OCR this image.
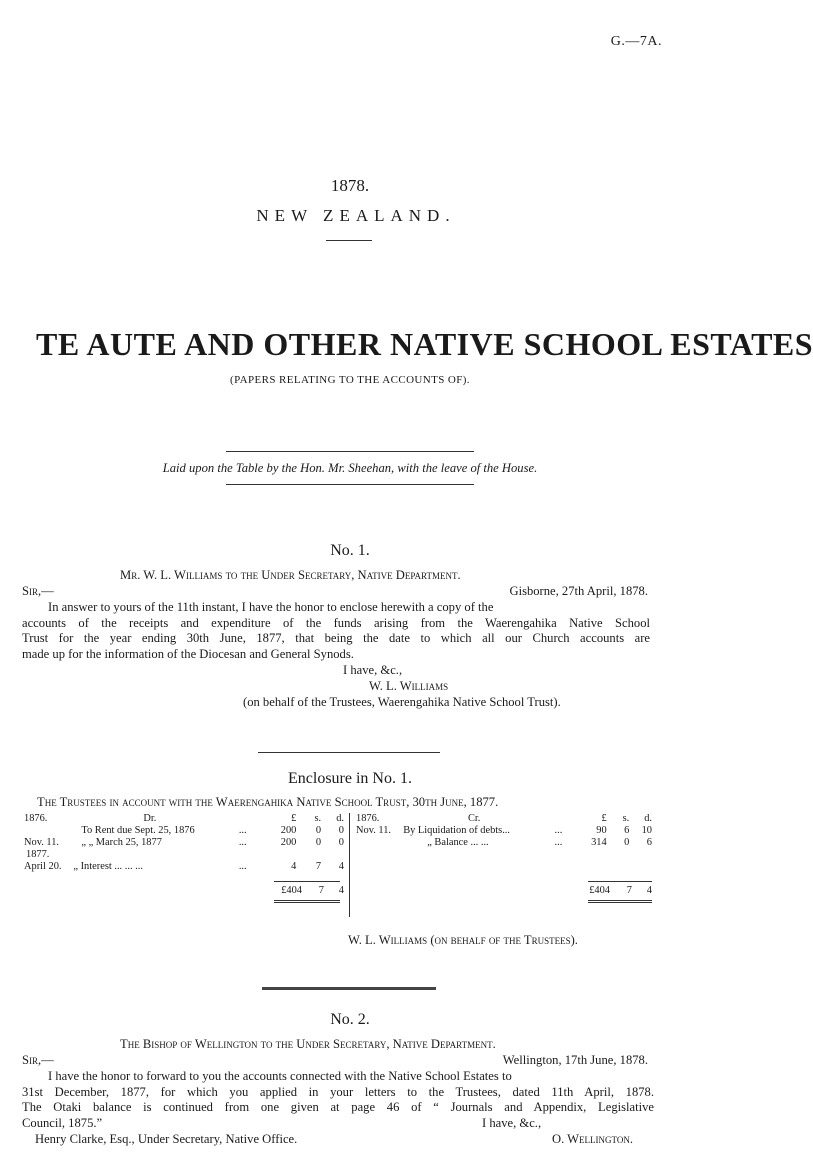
G.—7A.
1878.
NEW ZEALAND.
TE AUTE AND OTHER NATIVE SCHOOL ESTATES
(PAPERS RELATING TO THE ACCOUNTS OF).
Laid upon the Table by the Hon. Mr. Sheehan, with the leave of the House.
No. 1.
Mr. W. L. Williams to the Under Secretary, Native Department.
Sir,—	Gisborne, 27th April, 1878.
In answer to yours of the 11th instant, I have the honor to enclose herewith a copy of the
accounts of the receipts and expenditure of the funds arising from the Waerengahika Native School
Trust for the year ending 30th June, 1877, that being the date to which all our Church accounts are
made up for the information of the Diocesan and General Synods.
I have, &c.,
W. L. Williams
(on behalf of the Trustees, Waerengahika Native School Trust).
Enclosure in No. 1.
The Trustees in account with the Waerengahika Native School Trust, 30th June, 1877.
1876.	Dr.		£	s.	d.
	To Rent due Sept. 25, 1876	...	200	0	0
Nov. 11.	„ „ March 25, 1877	...	200	0	0
1877.					
April 20.	„ Interest ... ... ...	...	4	7	4
£404	7	4
1876.	Cr.		£	s.	d.
Nov. 11.	By Liquidation of debts...	...	90	6	10
	„ Balance ... ...	...	314	0	6
£404	7	4
W. L. Williams (on behalf of the Trustees).
No. 2.
The Bishop of Wellington to the Under Secretary, Native Department.
Sir,—	Wellington, 17th June, 1878.
I have the honor to forward to you the accounts connected with the Native School Estates to
31st December, 1877, for which you applied in your letters to the Trustees, dated 11th April, 1878.
The Otaki balance is continued from one given at page 46 of “ Journals and Appendix, Legislative
Council, 1875.”	I have, &c.,
Henry Clarke, Esq., Under Secretary, Native Office.	O. Wellington.
